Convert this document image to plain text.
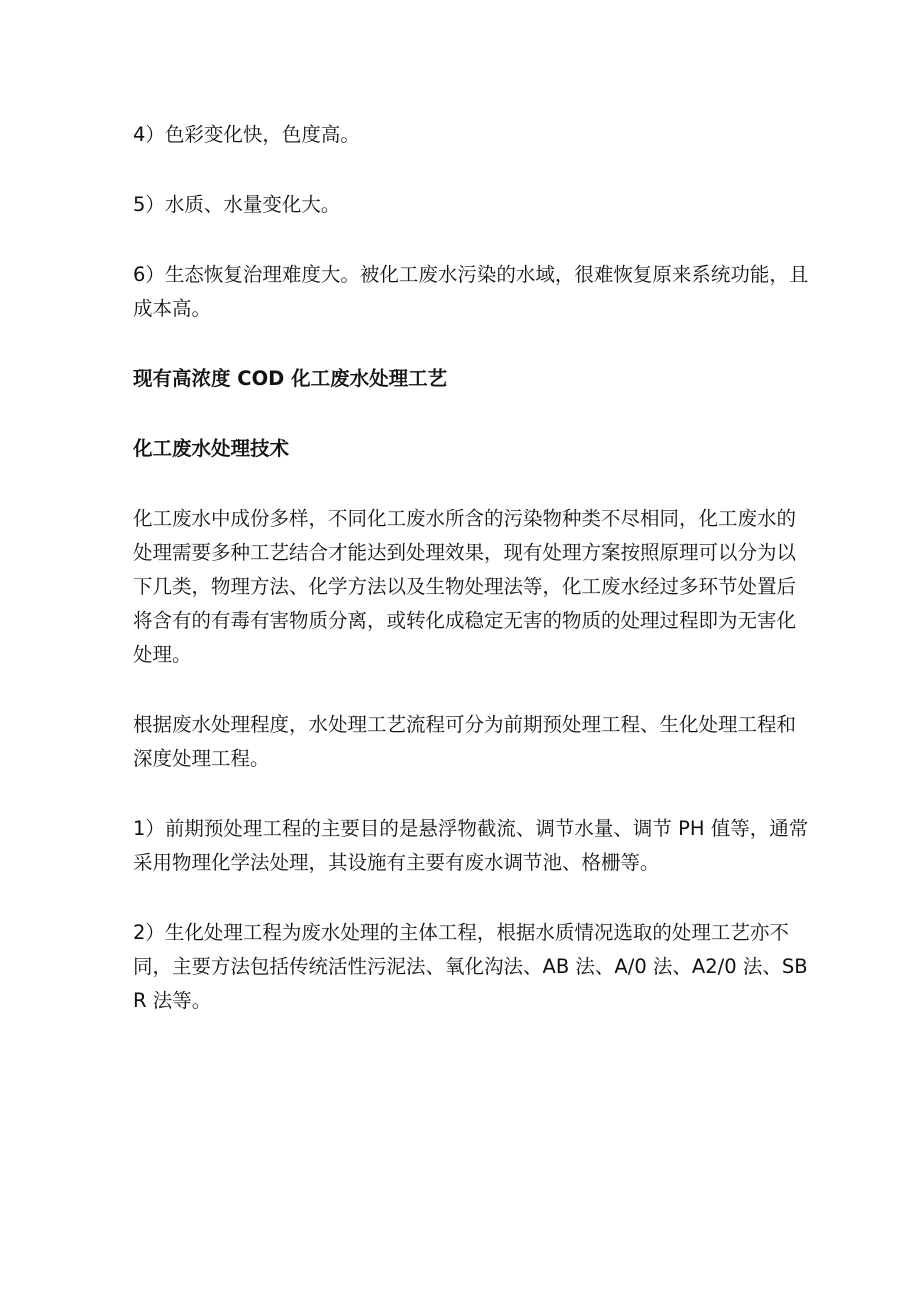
4）色彩变化快，色度高。

5）水质、水量变化大。

6）生态恢复治理难度大。被化工废水污染的水域，很难恢复原来系统功能，且成本高。

现有高浓度 COD 化工废水处理工艺

化工废水处理技术

化工废水中成份多样，不同化工废水所含的污染物种类不尽相同，化工废水的处理需要多种工艺结合才能达到处理效果，现有处理方案按照原理可以分为以下几类，物理方法、化学方法以及生物处理法等，化工废水经过多环节处置后将含有的有毒有害物质分离，或转化成稳定无害的物质的处理过程即为无害化处理。

根据废水处理程度，水处理工艺流程可分为前期预处理工程、生化处理工程和深度处理工程。

1）前期预处理工程的主要目的是悬浮物截流、调节水量、调节 PH 值等，通常采用物理化学法处理，其设施有主要有废水调节池、格栅等。

2）生化处理工程为废水处理的主体工程，根据水质情况选取的处理工艺亦不同，主要方法包括传统活性污泥法、氧化沟法、AB 法、A/0 法、A2/0 法、SBR 法等。
